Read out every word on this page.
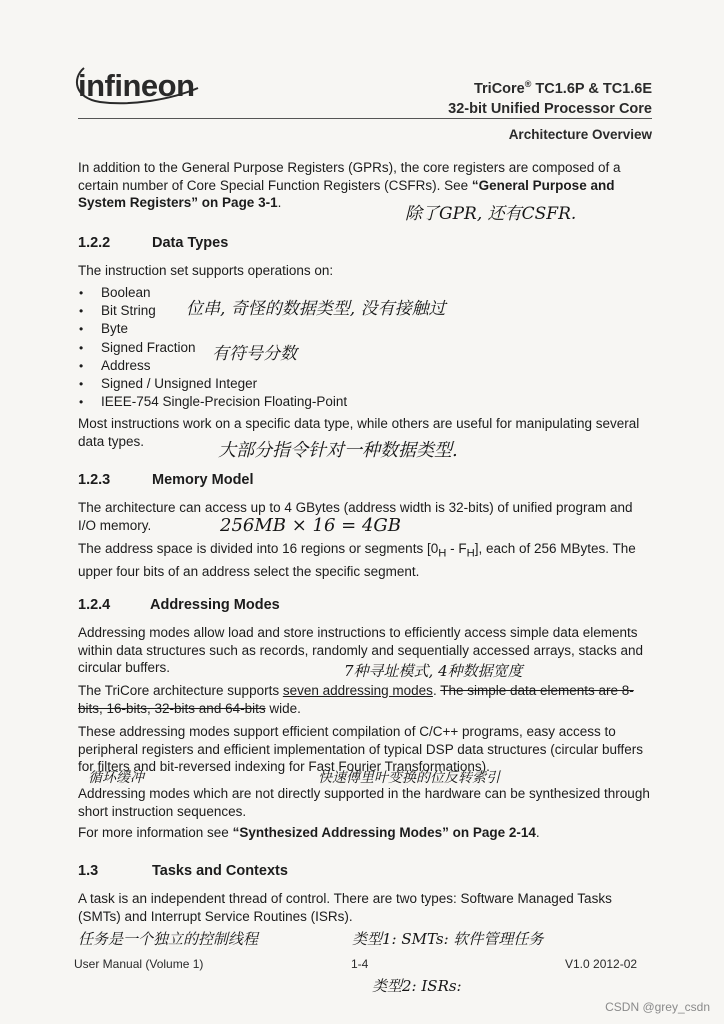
infineon	TriCore® TC1.6P & TC1.6E
32-bit Unified Processor Core
Architecture Overview

In addition to the General Purpose Registers (GPRs), the core registers are composed of a certain number of Core Special Function Registers (CSFRs). See “General Purpose and System Registers” on Page 3-1.

除了GPR, 还有CSFR.
1.2.2	Data Types
The instruction set supports operations on:
• Boolean
• Bit String
• Byte
• Signed Fraction
• Address
• Signed / Unsigned Integer
• IEEE-754 Single-Precision Floating-Point
位串, 奇怪的数据类型, 没有接触过
有符号分数
Most instructions work on a specific data type, while others are useful for manipulating several data types.	大部分指令针对一种数据类型.
1.2.3	Memory Model
The architecture can access up to 4 GBytes (address width is 32-bits) of unified program and I/O memory.	256MB × 16 = 4GB

The address space is divided into 16 regions or segments $[0_H - F_H]$, each of 256 MBytes. The upper four bits of an address select the specific segment.

1.2.4	Addressing Modes
Addressing modes allow load and store instructions to efficiently access simple data elements within data structures such as records, randomly and sequentially accessed arrays, stacks and circular buffers.	7种寻址模式, 4种数据宽度

The TriCore architecture supports seven addressing modes. The simple data elements are 8-bits, 16-bits, 32-bits and 64-bits wide.

These addressing modes support efficient compilation of C/C++ programs, easy access to peripheral registers and efficient implementation of typical DSP data structures (circular buffers for filters and bit-reversed indexing for Fast Fourier Transformations).
循环缓冲	快速傅里叶变换的位反转索引
Addressing modes which are not directly supported in the hardware can be synthesized through short instruction sequences.

For more information see “Synthesized Addressing Modes” on Page 2-14.

1.3	Tasks and Contexts
A task is an independent thread of control. There are two types: Software Managed Tasks (SMTs) and Interrupt Service Routines (ISRs).
任务是一个独立的控制线程	类型1: SMTs: 软件管理任务
类型2: ISRs:
User Manual (Volume 1)	1-4	V1.0 2012-02
CSDN @grey_csdn
